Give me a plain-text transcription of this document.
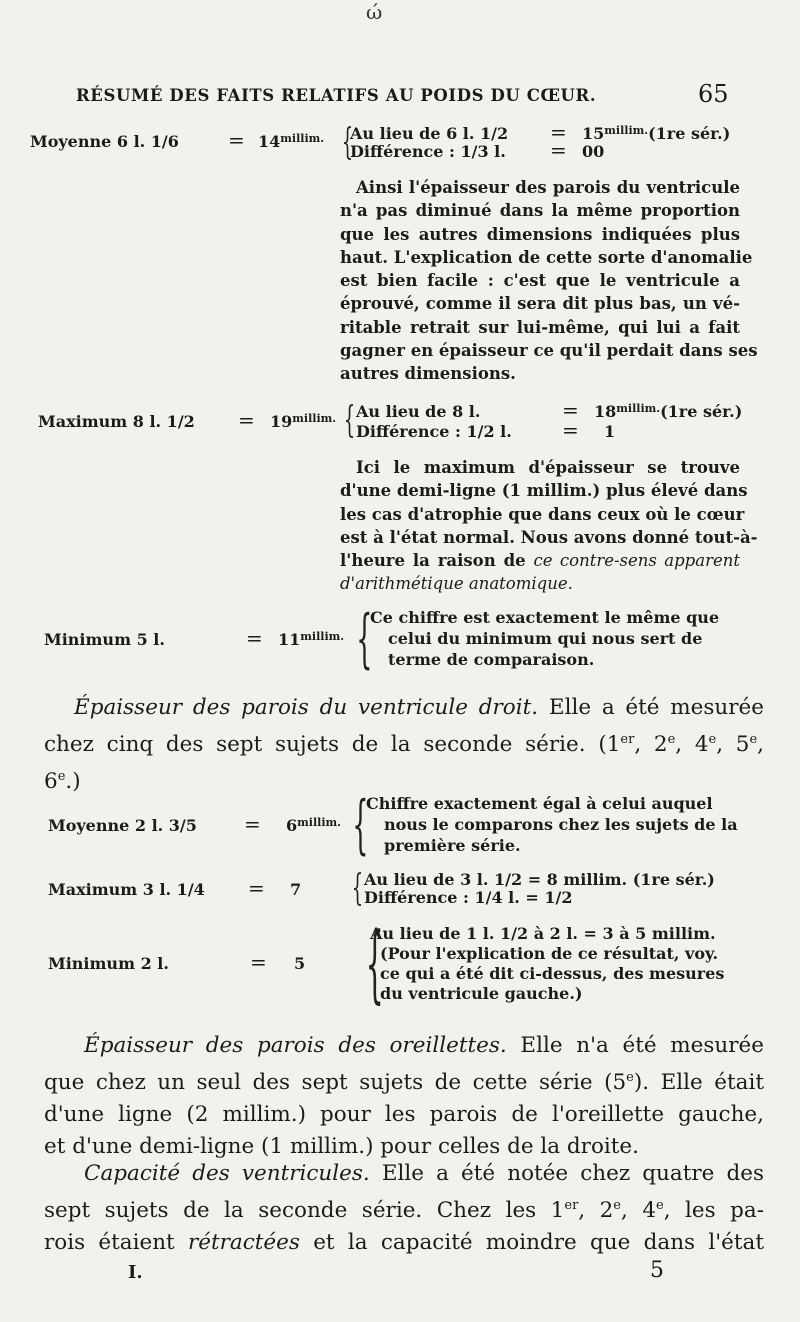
ώ
RÉSUMÉ DES FAITS RELATIFS AU POIDS DU CŒUR.	65
Moyenne 6 l. $1/6 = 14^{millim.}$ {
Au lieu de 6 l. $1/2 = 15^{millim.}(1re$ sér.)
Différence : 1/3 l. = 00
Ainsi l'épaisseur des parois du ventricule
n'a pas diminué dans la même proportion
que les autres dimensions indiquées plus
haut. L'explication de cette sorte d'anomalie
est bien facile : c'est que le ventricule a
éprouvé, comme il sera dit plus bas, un vé-
ritable retrait sur lui-même, qui lui a fait
gagner en épaisseur ce qu'il perdait dans ses
autres dimensions.
Maximum 8 l. $1/2 = 19^{millim.}$ { Au lieu de 8 l.	= $18^{millim.}(1re$ sér.)
Différence : 1/2 l.	= 1
Ici le maximum d'épaisseur se trouve
d'une demi-ligne (1 millim.) plus élevé dans
les cas d'atrophie que dans ceux où le cœur
est à l'état normal. Nous avons donné tout-à-
l'heure la raison de ce contre-sens apparent
d'arithmétique anatomique.
Minimum 5 l.	= $11^{millim.}$ {
Ce chiffre est exactement le même que
celui du minimum qui nous sert de
terme de comparaison.
Épaisseur des parois du ventricule droit. Elle a été mesurée
chez cinq des sept sujets de la seconde série. (1er, 2e, 4e, 5e,
6e.)
Moyenne 2 l. $3/5 = 6^{millim.}$ {
Chiffre exactement égal à celui auquel
nous le comparons chez les sujets de la
première série.
Maximum 3 l. 1/4 = 7 { Au lieu de 3 l. 1/2 = 8 millim. (1re sér.)
Différence : 1/4 l. = 1/2
Minimum 2 l.	= 5 {
Au lieu de 1 l. 1/2 à 2 l. = 3 à 5 millim.
(Pour l'explication de ce résultat, voy.
ce qui a été dit ci-dessus, des mesures
du ventricule gauche.)
Épaisseur des parois des oreillettes. Elle n'a été mesurée
que chez un seul des sept sujets de cette série (5e). Elle était
d'une ligne (2 millim.) pour les parois de l'oreillette gauche,
et d'une demi-ligne (1 millim.) pour celles de la droite.
Capacité des ventricules. Elle a été notée chez quatre des
sept sujets de la seconde série. Chez les 1er, 2e, 4e, les pa-
rois étaient rétractées et la capacité moindre que dans l'état
I.	5
